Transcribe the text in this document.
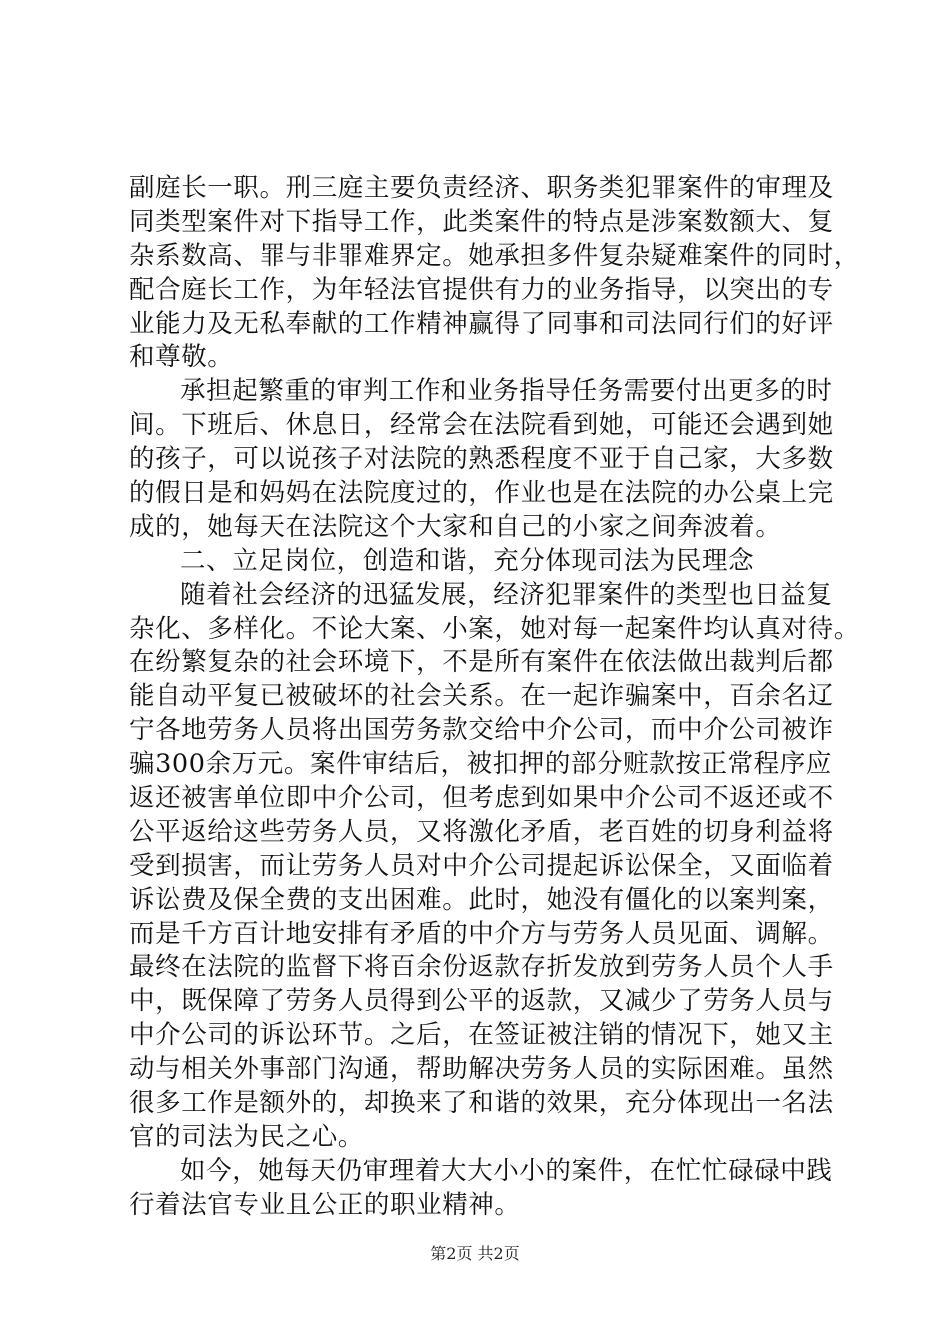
副庭长一职。刑三庭主要负责经济、职务类犯罪案件的审理及
同类型案件对下指导工作，此类案件的特点是涉案数额大、复
杂系数高、罪与非罪难界定。她承担多件复杂疑难案件的同时，
配合庭长工作，为年轻法官提供有力的业务指导，以突出的专
业能力及无私奉献的工作精神赢得了同事和司法同行们的好评
和尊敬。
承担起繁重的审判工作和业务指导任务需要付出更多的时
间。下班后、休息日，经常会在法院看到她，可能还会遇到她
的孩子，可以说孩子对法院的熟悉程度不亚于自己家，大多数
的假日是和妈妈在法院度过的，作业也是在法院的办公桌上完
成的，她每天在法院这个大家和自己的小家之间奔波着。
二、立足岗位，创造和谐，充分体现司法为民理念
随着社会经济的迅猛发展，经济犯罪案件的类型也日益复
杂化、多样化。不论大案、小案，她对每一起案件均认真对待。
在纷繁复杂的社会环境下，不是所有案件在依法做出裁判后都
能自动平复已被破坏的社会关系。在一起诈骗案中，百余名辽
宁各地劳务人员将出国劳务款交给中介公司，而中介公司被诈
骗300余万元。案件审结后，被扣押的部分赃款按正常程序应
返还被害单位即中介公司，但考虑到如果中介公司不返还或不
公平返给这些劳务人员，又将激化矛盾，老百姓的切身利益将
受到损害，而让劳务人员对中介公司提起诉讼保全，又面临着
诉讼费及保全费的支出困难。此时，她没有僵化的以案判案，
而是千方百计地安排有矛盾的中介方与劳务人员见面、调解。
最终在法院的监督下将百余份返款存折发放到劳务人员个人手
中，既保障了劳务人员得到公平的返款，又减少了劳务人员与
中介公司的诉讼环节。之后，在签证被注销的情况下，她又主
动与相关外事部门沟通，帮助解决劳务人员的实际困难。虽然
很多工作是额外的，却换来了和谐的效果，充分体现出一名法
官的司法为民之心。
如今，她每天仍审理着大大小小的案件，在忙忙碌碌中践
行着法官专业且公正的职业精神。
第2页 共2页
